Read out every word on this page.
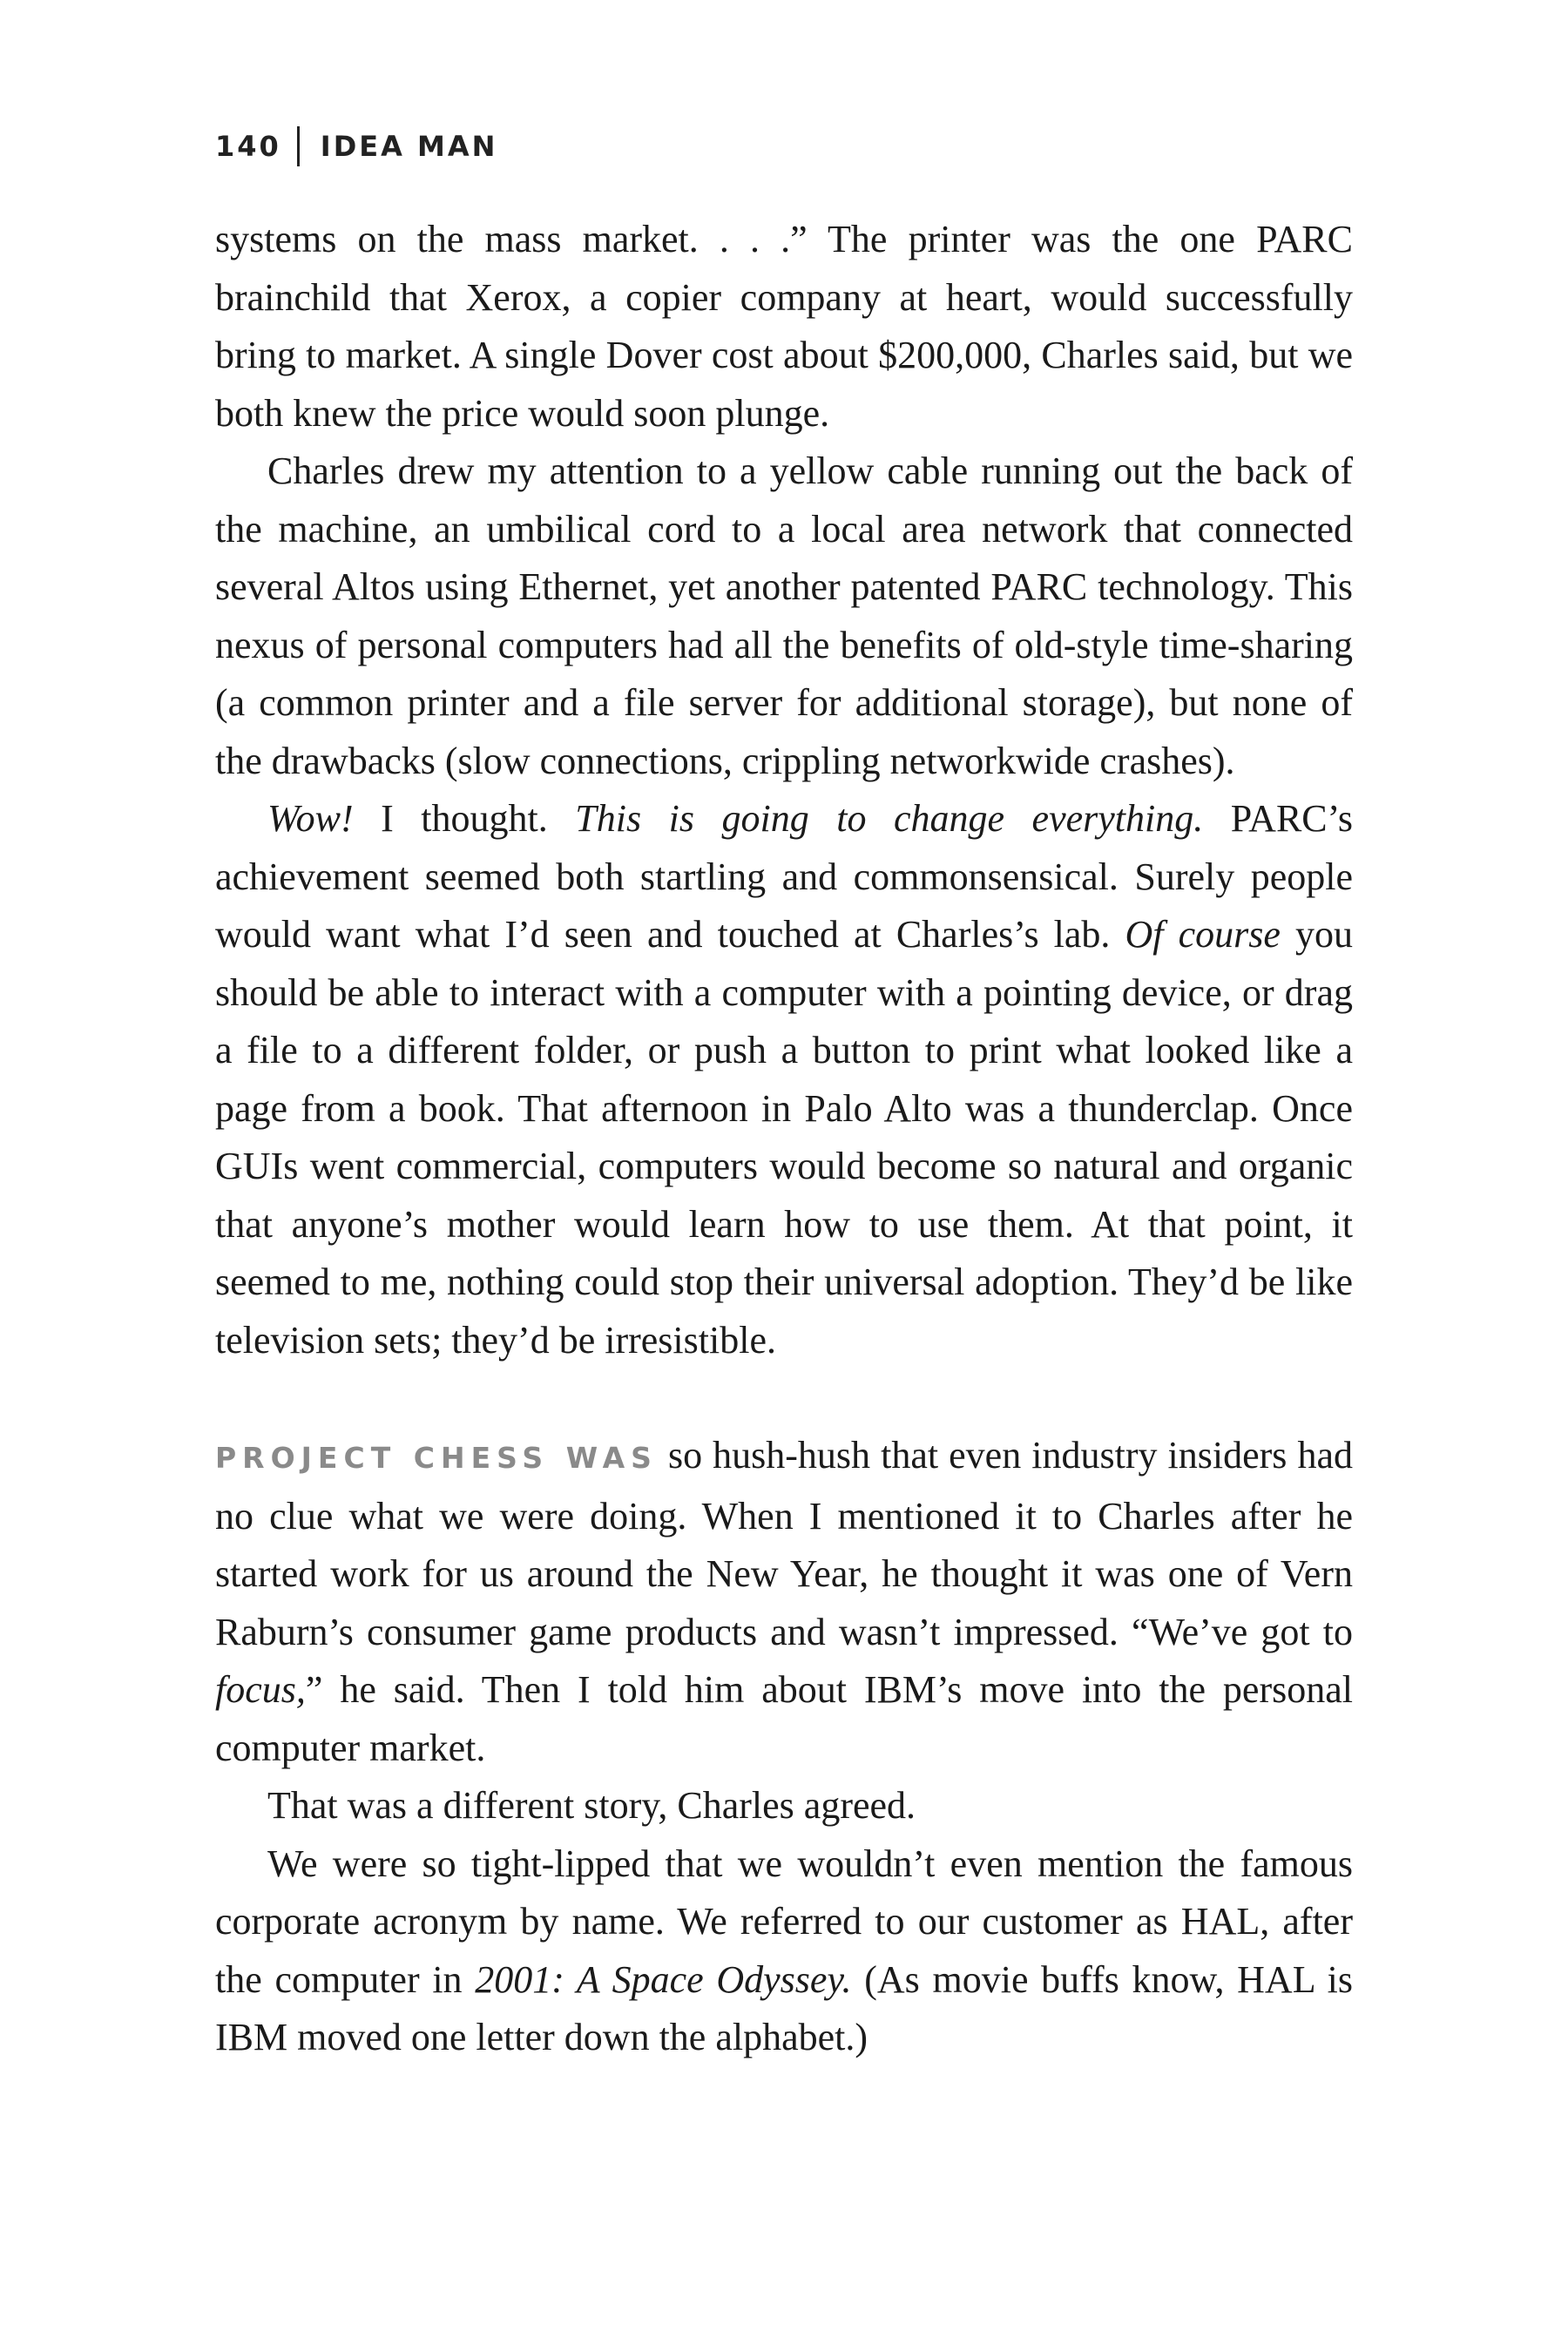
140 IDEA MAN

systems on the mass market. . . .” The printer was the one PARC brainchild that Xerox, a copier company at heart, would successfully bring to market. A single Dover cost about $200,000, Charles said, but we both knew the price would soon plunge.

Charles drew my attention to a yellow cable running out the back of the machine, an umbilical cord to a local area network that connected several Altos using Ethernet, yet another patented PARC technology. This nexus of personal computers had all the benefits of old-style time-sharing (a common printer and a file server for additional storage), but none of the drawbacks (slow connections, crippling networkwide crashes).

Wow! I thought. This is going to change everything. PARC’s achievement seemed both startling and commonsensical. Surely people would want what I’d seen and touched at Charles’s lab. Of course you should be able to interact with a computer with a pointing device, or drag a file to a different folder, or push a button to print what looked like a page from a book. That afternoon in Palo Alto was a thunderclap. Once GUIs went commercial, computers would become so natural and organic that anyone’s mother would learn how to use them. At that point, it seemed to me, nothing could stop their universal adoption. They’d be like television sets; they’d be irresistible.

PROJECT CHESS WAS so hush-hush that even industry insiders had no clue what we were doing. When I mentioned it to Charles after he started work for us around the New Year, he thought it was one of Vern Raburn’s consumer game products and wasn’t impressed. “We’ve got to focus,” he said. Then I told him about IBM’s move into the personal computer market.

That was a different story, Charles agreed.

We were so tight-lipped that we wouldn’t even mention the famous corporate acronym by name. We referred to our customer as HAL, after the computer in 2001: A Space Odyssey. (As movie buffs know, HAL is IBM moved one letter down the alphabet.)
